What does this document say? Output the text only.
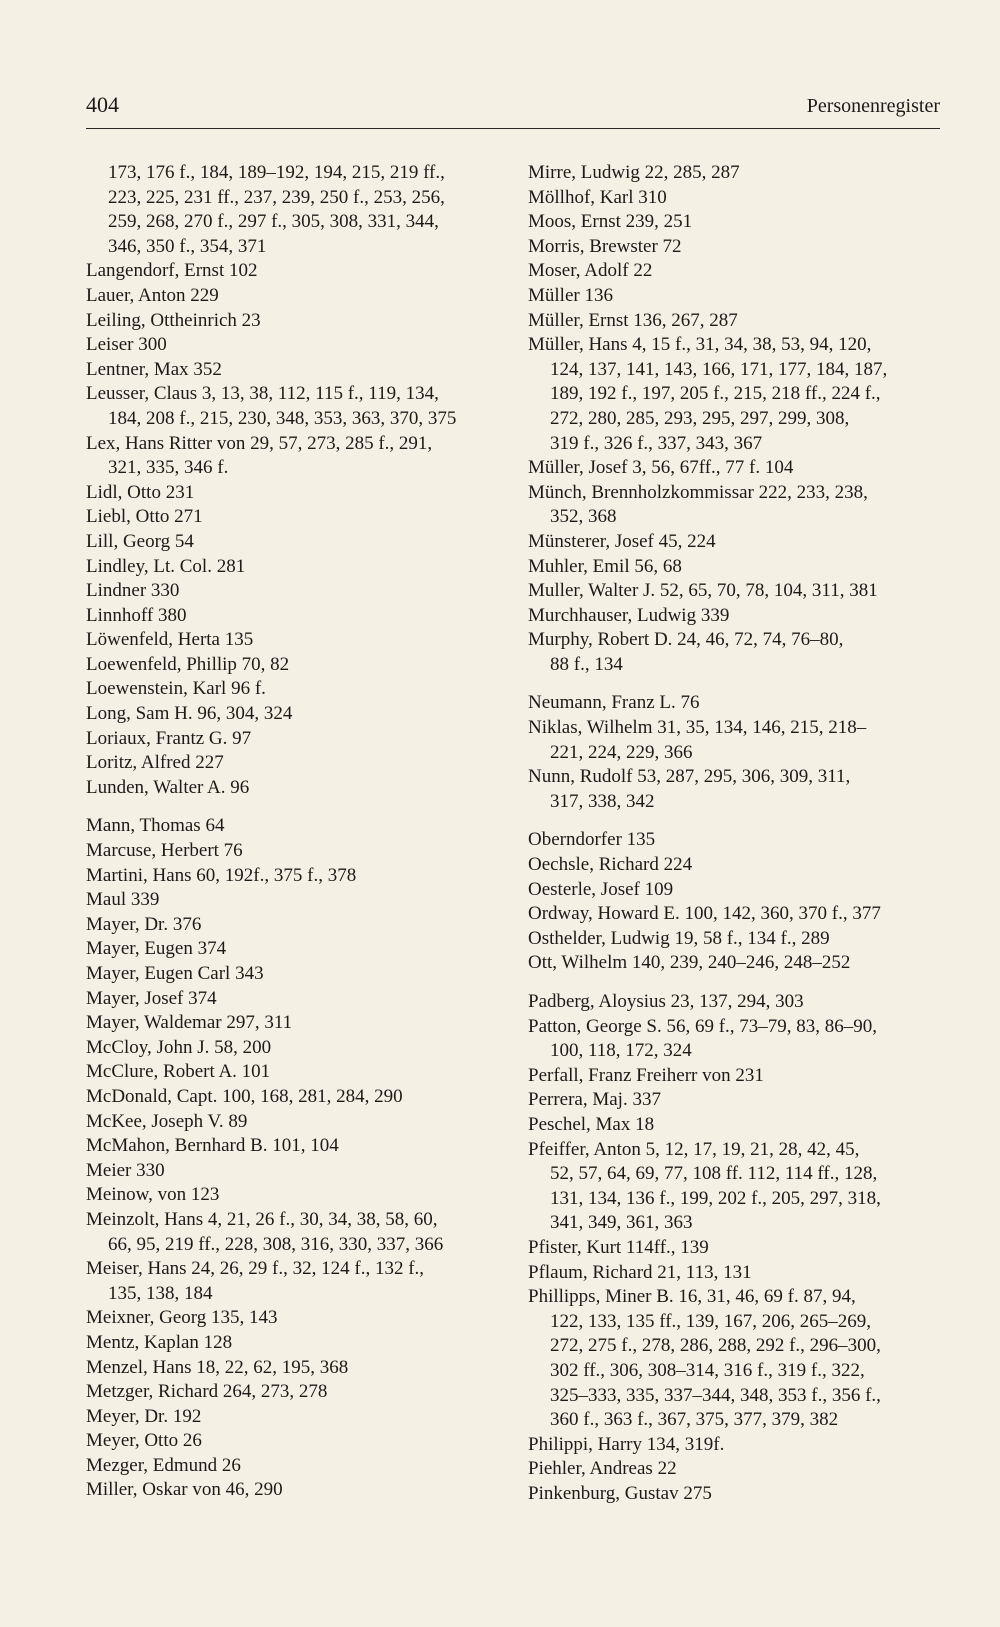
404	Personenregister
173, 176 f., 184, 189–192, 194, 215, 219 ff.,
223, 225, 231 ff., 237, 239, 250 f., 253, 256,
259, 268, 270 f., 297 f., 305, 308, 331, 344,
346, 350 f., 354, 371
Langendorf, Ernst 102
Lauer, Anton 229
Leiling, Ottheinrich 23
Leiser 300
Lentner, Max 352
Leusser, Claus 3, 13, 38, 112, 115 f., 119, 134,
184, 208 f., 215, 230, 348, 353, 363, 370, 375
Lex, Hans Ritter von 29, 57, 273, 285 f., 291,
321, 335, 346 f.
Lidl, Otto 231
Liebl, Otto 271
Lill, Georg 54
Lindley, Lt. Col. 281
Lindner 330
Linnhoff 380
Löwenfeld, Herta 135
Loewenfeld, Phillip 70, 82
Loewenstein, Karl 96 f.
Long, Sam H. 96, 304, 324
Loriaux, Frantz G. 97
Loritz, Alfred 227
Lunden, Walter A. 96
Mann, Thomas 64
Marcuse, Herbert 76
Martini, Hans 60, 192f., 375 f., 378
Maul 339
Mayer, Dr. 376
Mayer, Eugen 374
Mayer, Eugen Carl 343
Mayer, Josef 374
Mayer, Waldemar 297, 311
McCloy, John J. 58, 200
McClure, Robert A. 101
McDonald, Capt. 100, 168, 281, 284, 290
McKee, Joseph V. 89
McMahon, Bernhard B. 101, 104
Meier 330
Meinow, von 123
Meinzolt, Hans 4, 21, 26 f., 30, 34, 38, 58, 60,
66, 95, 219 ff., 228, 308, 316, 330, 337, 366
Meiser, Hans 24, 26, 29 f., 32, 124 f., 132 f.,
135, 138, 184
Meixner, Georg 135, 143
Mentz, Kaplan 128
Menzel, Hans 18, 22, 62, 195, 368
Metzger, Richard 264, 273, 278
Meyer, Dr. 192
Meyer, Otto 26
Mezger, Edmund 26
Miller, Oskar von 46, 290
Mirre, Ludwig 22, 285, 287
Möllhof, Karl 310
Moos, Ernst 239, 251
Morris, Brewster 72
Moser, Adolf 22
Müller 136
Müller, Ernst 136, 267, 287
Müller, Hans 4, 15 f., 31, 34, 38, 53, 94, 120,
124, 137, 141, 143, 166, 171, 177, 184, 187,
189, 192 f., 197, 205 f., 215, 218 ff., 224 f.,
272, 280, 285, 293, 295, 297, 299, 308,
319 f., 326 f., 337, 343, 367
Müller, Josef 3, 56, 67ff., 77 f. 104
Münch, Brennholzkommissar 222, 233, 238,
352, 368
Münsterer, Josef 45, 224
Muhler, Emil 56, 68
Muller, Walter J. 52, 65, 70, 78, 104, 311, 381
Murchhauser, Ludwig 339
Murphy, Robert D. 24, 46, 72, 74, 76–80,
88 f., 134
Neumann, Franz L. 76
Niklas, Wilhelm 31, 35, 134, 146, 215, 218–
221, 224, 229, 366
Nunn, Rudolf 53, 287, 295, 306, 309, 311,
317, 338, 342
Oberndorfer 135
Oechsle, Richard 224
Oesterle, Josef 109
Ordway, Howard E. 100, 142, 360, 370 f., 377
Osthelder, Ludwig 19, 58 f., 134 f., 289
Ott, Wilhelm 140, 239, 240–246, 248–252
Padberg, Aloysius 23, 137, 294, 303
Patton, George S. 56, 69 f., 73–79, 83, 86–90,
100, 118, 172, 324
Perfall, Franz Freiherr von 231
Perrera, Maj. 337
Peschel, Max 18
Pfeiffer, Anton 5, 12, 17, 19, 21, 28, 42, 45,
52, 57, 64, 69, 77, 108 ff. 112, 114 ff., 128,
131, 134, 136 f., 199, 202 f., 205, 297, 318,
341, 349, 361, 363
Pfister, Kurt 114ff., 139
Pflaum, Richard 21, 113, 131
Phillipps, Miner B. 16, 31, 46, 69 f. 87, 94,
122, 133, 135 ff., 139, 167, 206, 265–269,
272, 275 f., 278, 286, 288, 292 f., 296–300,
302 ff., 306, 308–314, 316 f., 319 f., 322,
325–333, 335, 337–344, 348, 353 f., 356 f.,
360 f., 363 f., 367, 375, 377, 379, 382
Philippi, Harry 134, 319f.
Piehler, Andreas 22
Pinkenburg, Gustav 275
